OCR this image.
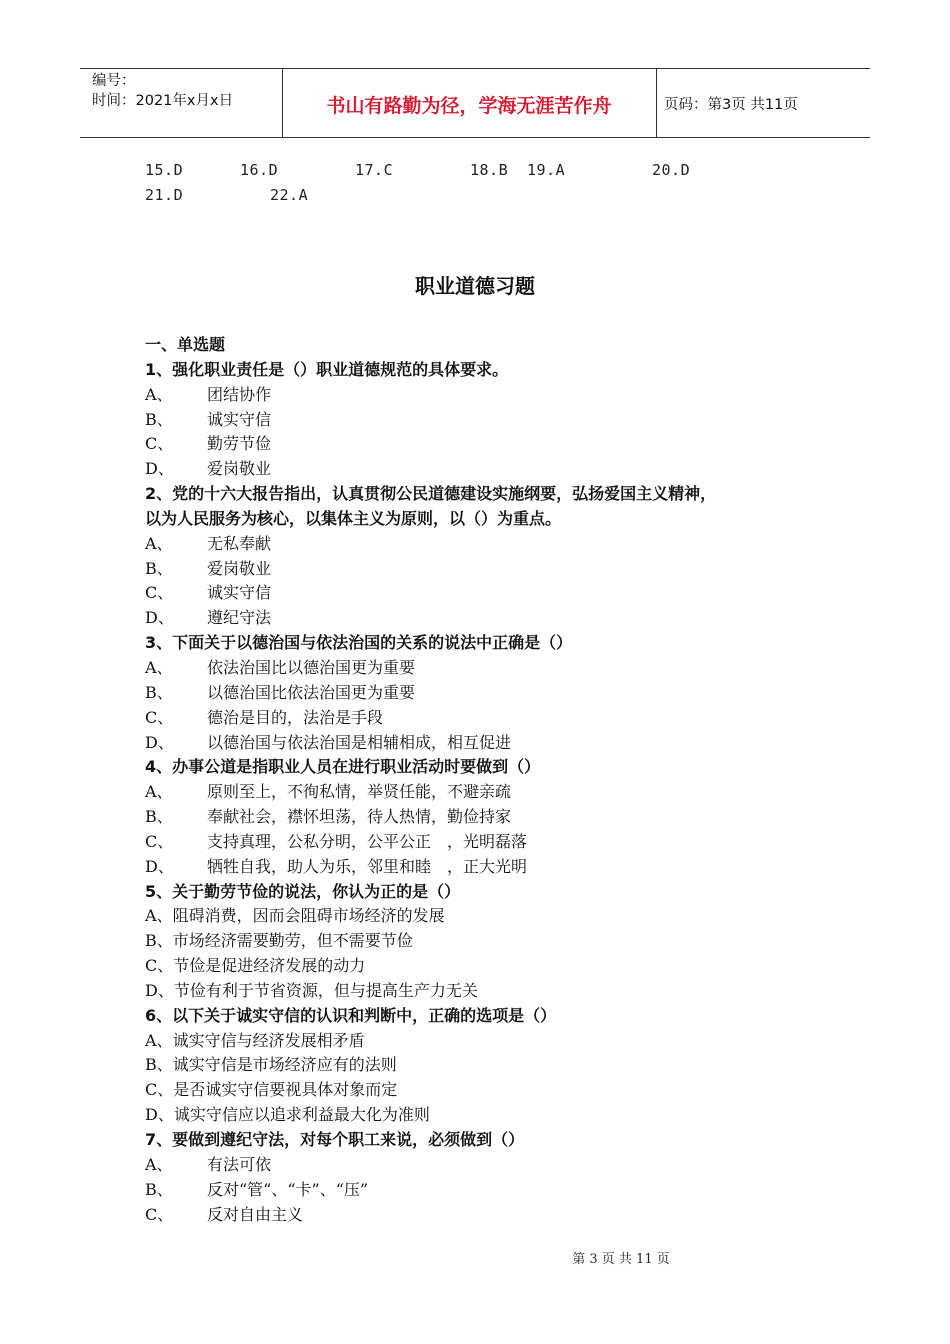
编号：
时间：2021年x月x日	书山有路勤为径，学海无涯苦作舟	页码：第3页 共11页
15.D	16.D	17.C	18.B 19.A	20.D
21.D	22.A
职业道德习题
一、单选题
1、强化职业责任是（）职业道德规范的具体要求。
A、 团结协作
B、 诚实守信
C、 勤劳节俭
D、 爱岗敬业
2、党的十六大报告指出，认真贯彻公民道德建设实施纲要，弘扬爱国主义精神，
以为人民服务为核心，以集体主义为原则，以（）为重点。
A、 无私奉献
B、 爱岗敬业
C、 诚实守信
D、 遵纪守法
3、下面关于以德治国与依法治国的关系的说法中正确是（）
A、 依法治国比以德治国更为重要
B、 以德治国比依法治国更为重要
C、 德治是目的，法治是手段
D、 以德治国与依法治国是相辅相成，相互促进
4、办事公道是指职业人员在进行职业活动时要做到（）
A、 原则至上，不徇私情，举贤任能，不避亲疏
B、 奉献社会，襟怀坦荡，待人热情，勤俭持家
C、 支持真理，公私分明，公平公正　，光明磊落
D、 牺牲自我，助人为乐，邻里和睦　，正大光明
5、关于勤劳节俭的说法，你认为正的是（）
A、阻碍消费，因而会阻碍市场经济的发展
B、市场经济需要勤劳，但不需要节俭
C、节俭是促进经济发展的动力
D、节俭有利于节省资源，但与提高生产力无关
6、以下关于诚实守信的认识和判断中，正确的选项是（）
A、诚实守信与经济发展相矛盾
B、诚实守信是市场经济应有的法则
C、是否诚实守信要视具体对象而定
D、诚实守信应以追求利益最大化为准则
7、要做到遵纪守法，对每个职工来说，必须做到（）
A、 有法可依
B、 反对“管“、“卡”、“压”
C、 反对自由主义
第 3 页 共 11 页
